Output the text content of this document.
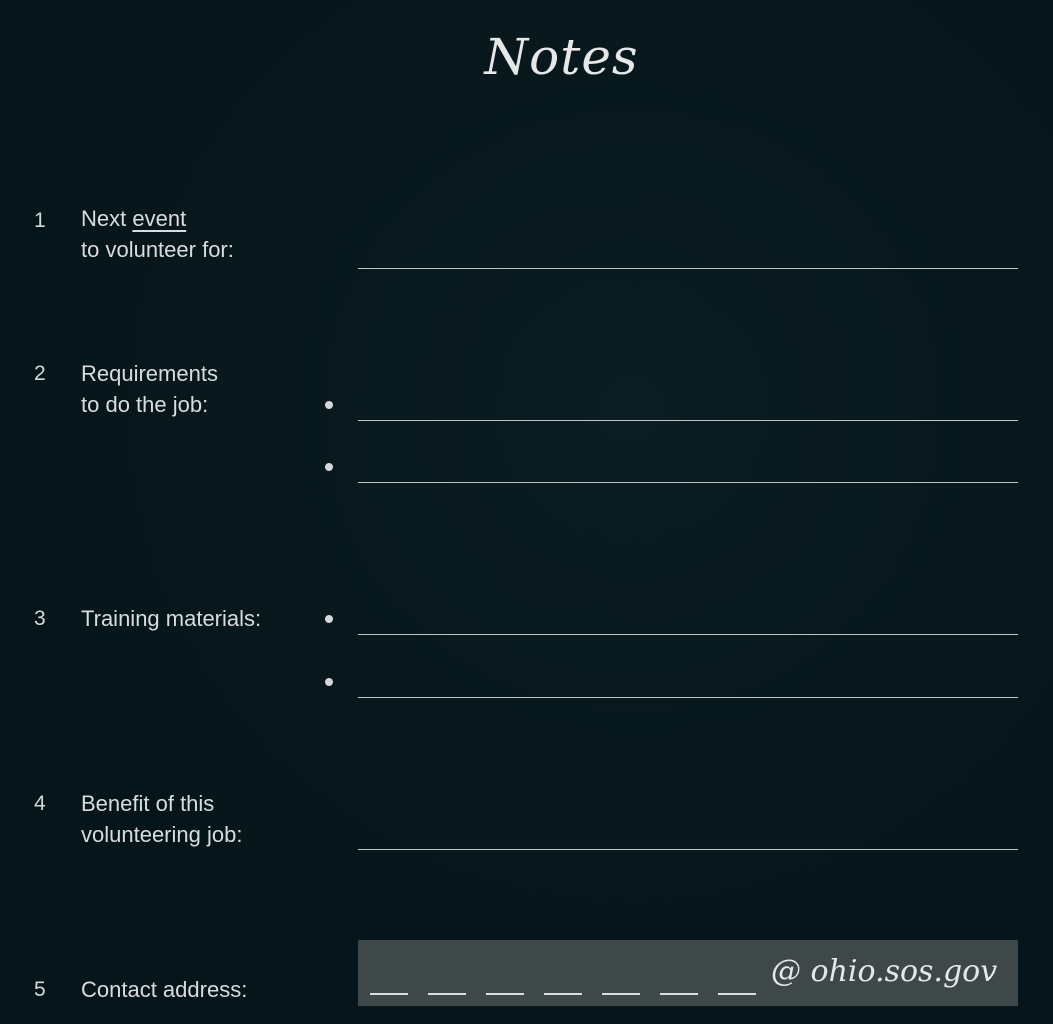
Notes
1 Next event
to volunteer for:
2 Requirements
to do the job:
3 Training materials:
4 Benefit of this
volunteering job:
5 Contact address:
@ ohio.sos.gov
